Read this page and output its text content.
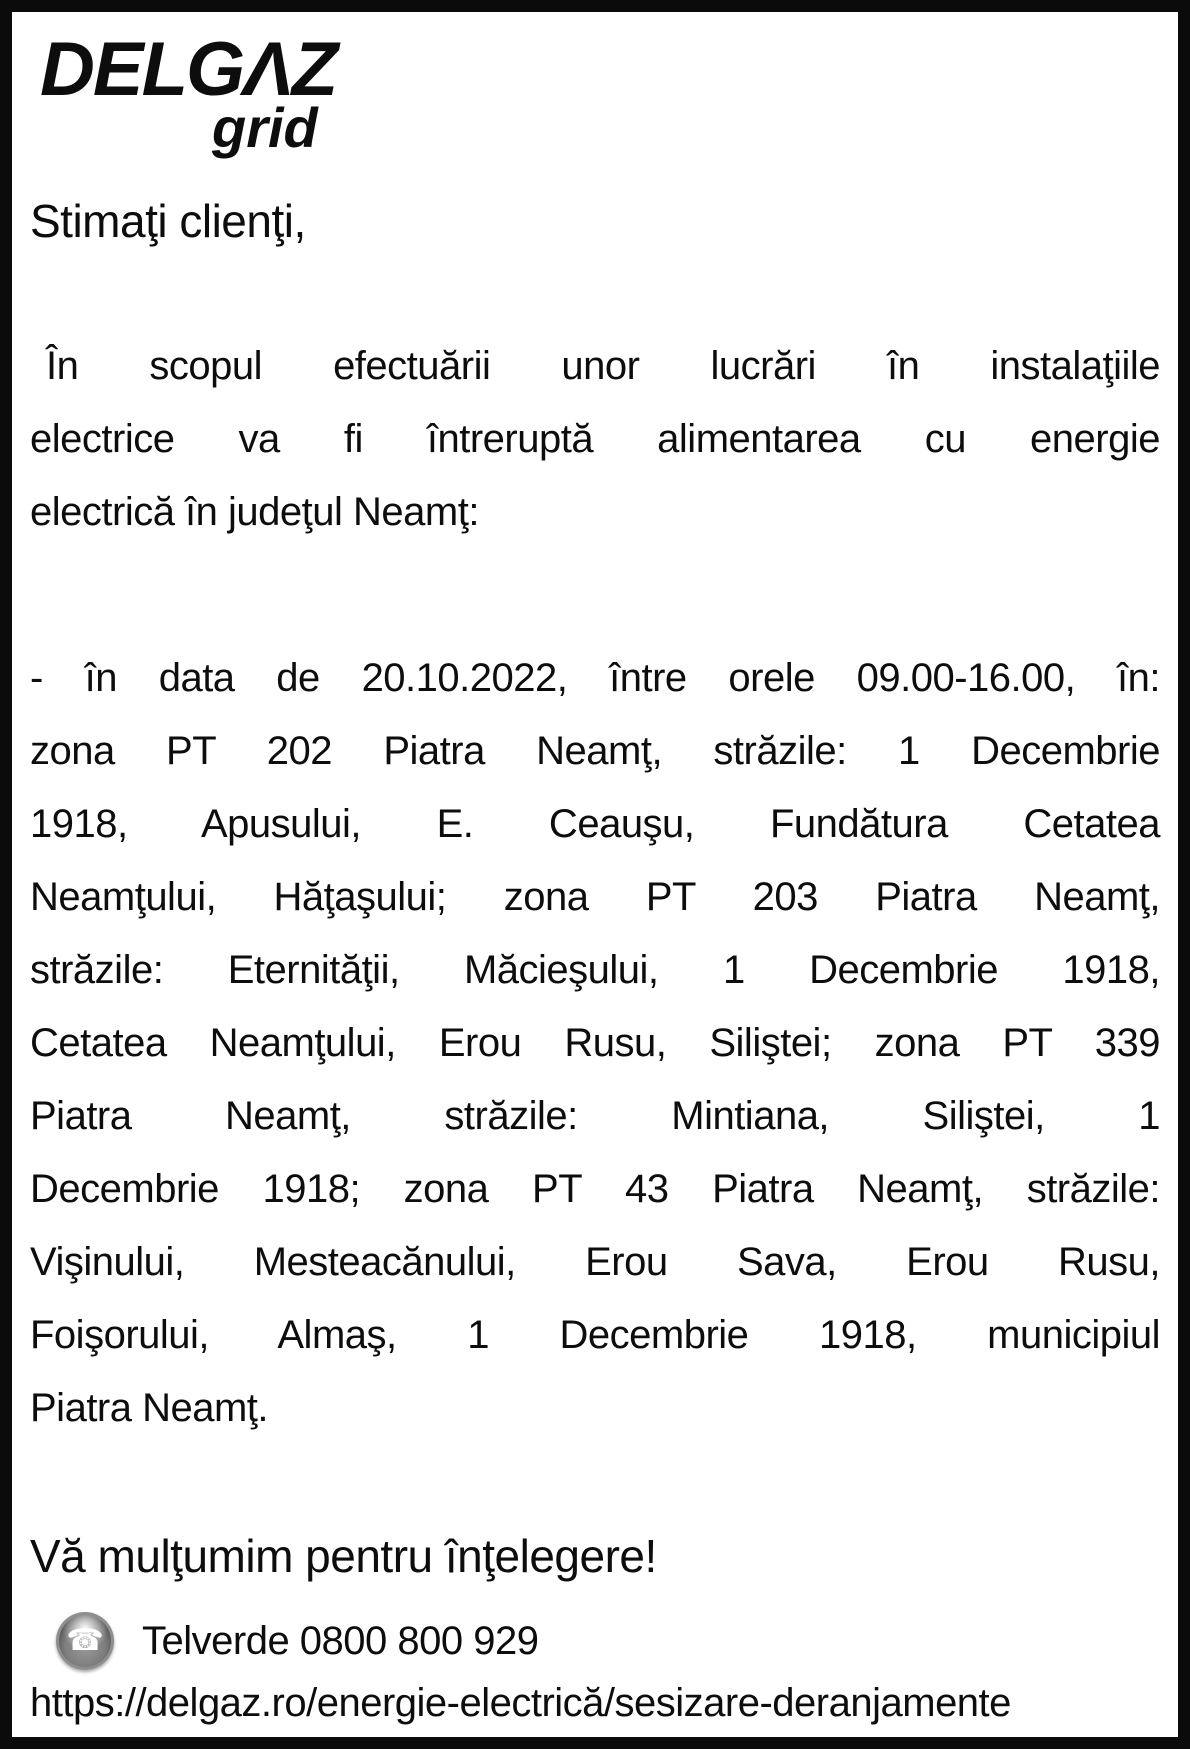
DELGΛZ
grid

Stimaţi clienţi,

În scopul efectuării unor lucrări în instalaţiile
electrice va fi întreruptă alimentarea cu energie
electrică în judeţul Neamţ:
- în data de 20.10.2022, între orele 09.00-16.00, în:
zona PT 202 Piatra Neamţ, străzile: 1 Decembrie
1918, Apusului, E. Ceauşu, Fundătura Cetatea
Neamţului, Hăţaşului; zona PT 203 Piatra Neamţ,
străzile: Eternităţii, Măcieşului, 1 Decembrie 1918,
Cetatea Neamţului, Erou Rusu, Siliştei; zona PT 339
Piatra Neamţ, străzile: Mintiana, Siliştei, 1
Decembrie 1918; zona PT 43 Piatra Neamţ, străzile:
Vişinului, Mesteacănului, Erou Sava, Erou Rusu,
Foişorului, Almaş, 1 Decembrie 1918, municipiul
Piatra Neamţ.

Vă mulţumim pentru înţelegere!

☎ Telverde 0800 800 929
https://delgaz.ro/energie-electrică/sesizare-deranjamente
